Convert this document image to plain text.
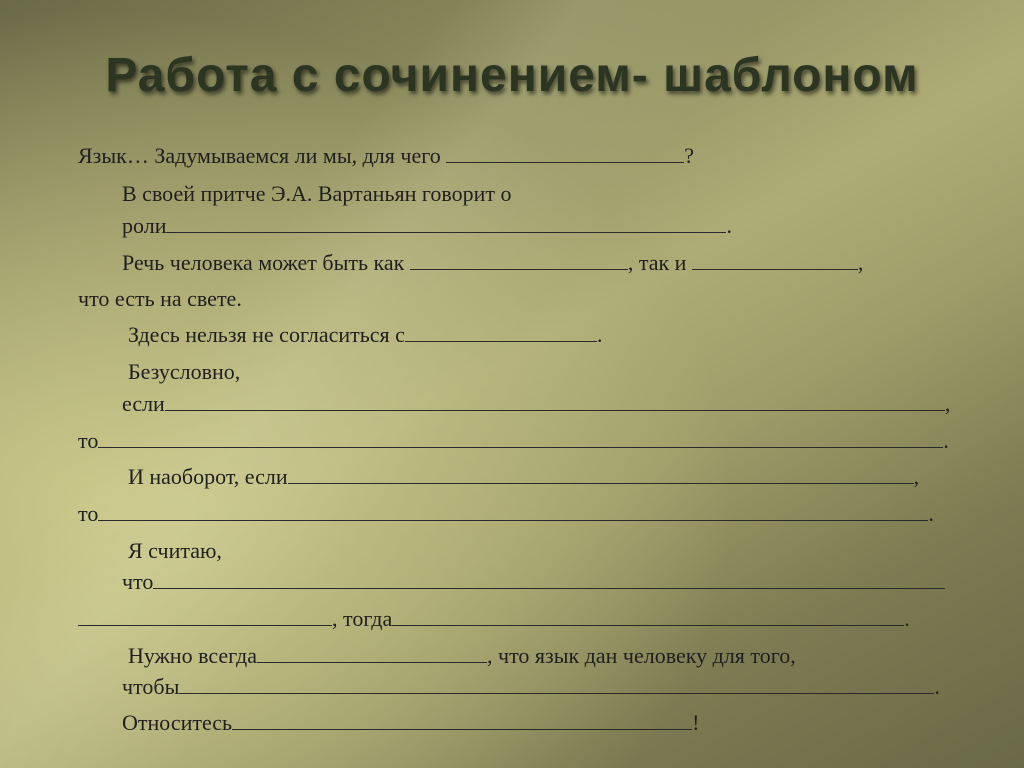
Работа с сочинением- шаблоном

Язык… Задумываемся ли мы, для чего	?

В своей притче Э.А. Вартаньян говорит о

роли	.

Речь человека может быть как	, так и	,

что есть на свете.

Здесь нельзя не согласиться с	.

Безусловно,

если	,

то	.

И наоборот, если	,

то	.

Я считаю,

что

, тогда	.

Нужно всегда	, что язык дан человеку для того,

чтобы	.

Относитесь	!
